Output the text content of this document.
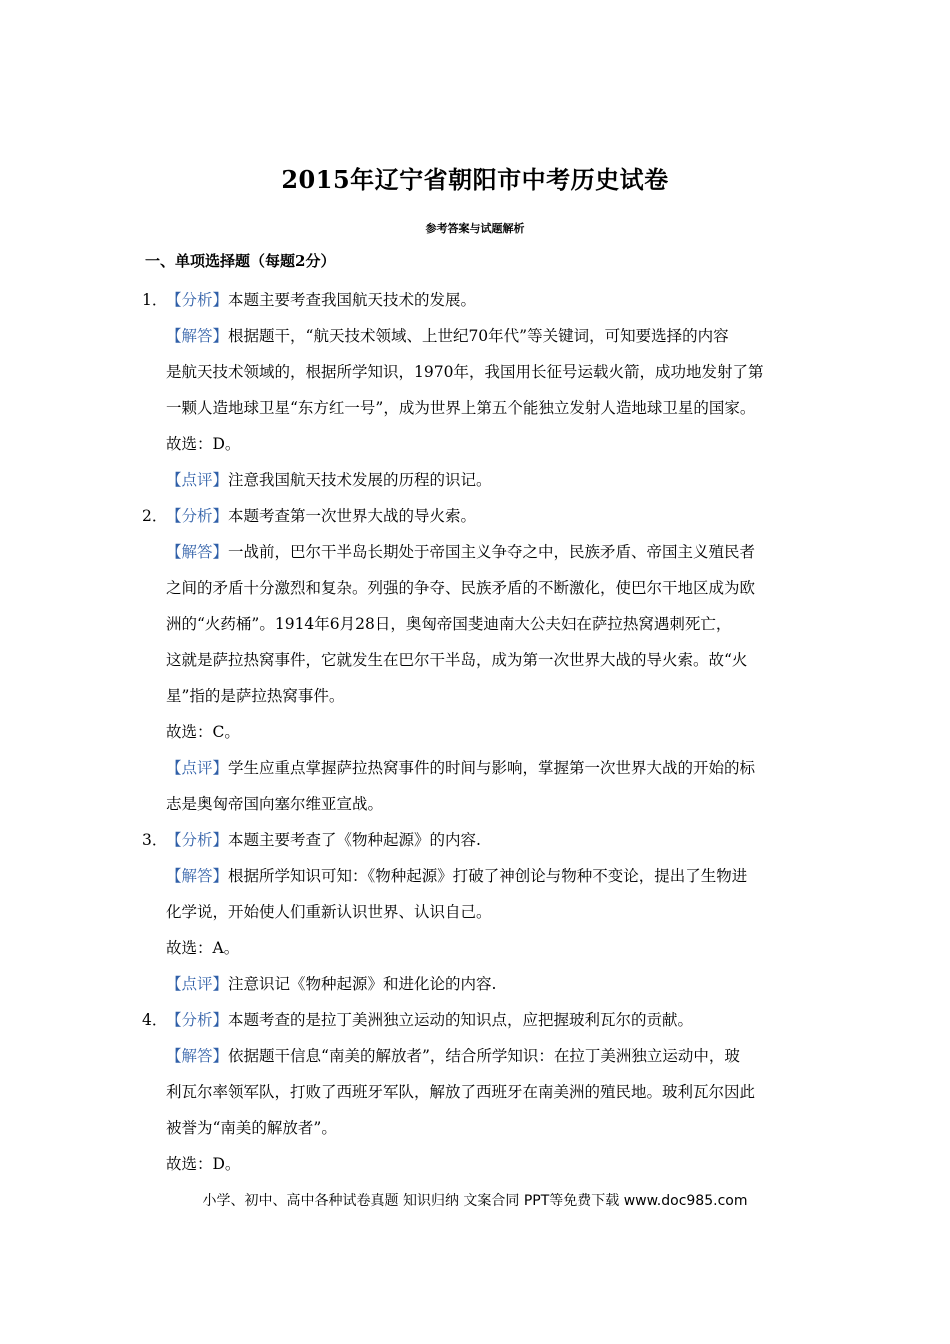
2015年辽宁省朝阳市中考历史试卷
参考答案与试题解析
一、单项选择题（每题2分）
1．
【分析】本题主要考查我国航天技术的发展。
【解答】根据题干，“航天技术领域、上世纪70年代”等关键词，可知要选择的内容
是航天技术领域的，根据所学知识，1970年，我国用长征号运载火箭，成功地发射了第
一颗人造地球卫星“东方红一号”，成为世界上第五个能独立发射人造地球卫星的国家。
故选：D。
【点评】注意我国航天技术发展的历程的识记。
2．
【分析】本题考查第一次世界大战的导火索。
【解答】一战前，巴尔干半岛长期处于帝国主义争夺之中，民族矛盾、帝国主义殖民者
之间的矛盾十分激烈和复杂。列强的争夺、民族矛盾的不断激化，使巴尔干地区成为欧
洲的“火药桶”。1914年6月28日，奥匈帝国斐迪南大公夫妇在萨拉热窝遇刺死亡，
这就是萨拉热窝事件，它就发生在巴尔干半岛，成为第一次世界大战的导火索。故“火
星”指的是萨拉热窝事件。
故选：C。
【点评】学生应重点掌握萨拉热窝事件的时间与影响，掌握第一次世界大战的开始的标
志是奥匈帝国向塞尔维亚宣战。
3．
【分析】本题主要考查了《物种起源》的内容.
【解答】根据所学知识可知：《物种起源》打破了神创论与物种不变论，提出了生物进
化学说，开始使人们重新认识世界、认识自己。
故选：A。
【点评】注意识记《物种起源》和进化论的内容.
4．
【分析】本题考查的是拉丁美洲独立运动的知识点，应把握玻利瓦尔的贡献。
【解答】依据题干信息“南美的解放者”，结合所学知识：在拉丁美洲独立运动中，玻
利瓦尔率领军队，打败了西班牙军队，解放了西班牙在南美洲的殖民地。玻利瓦尔因此
被誉为“南美的解放者”。
故选：D。
小学、初中、高中各种试卷真题 知识归纳 文案合同 PPT等免费下载 www.doc985.com
